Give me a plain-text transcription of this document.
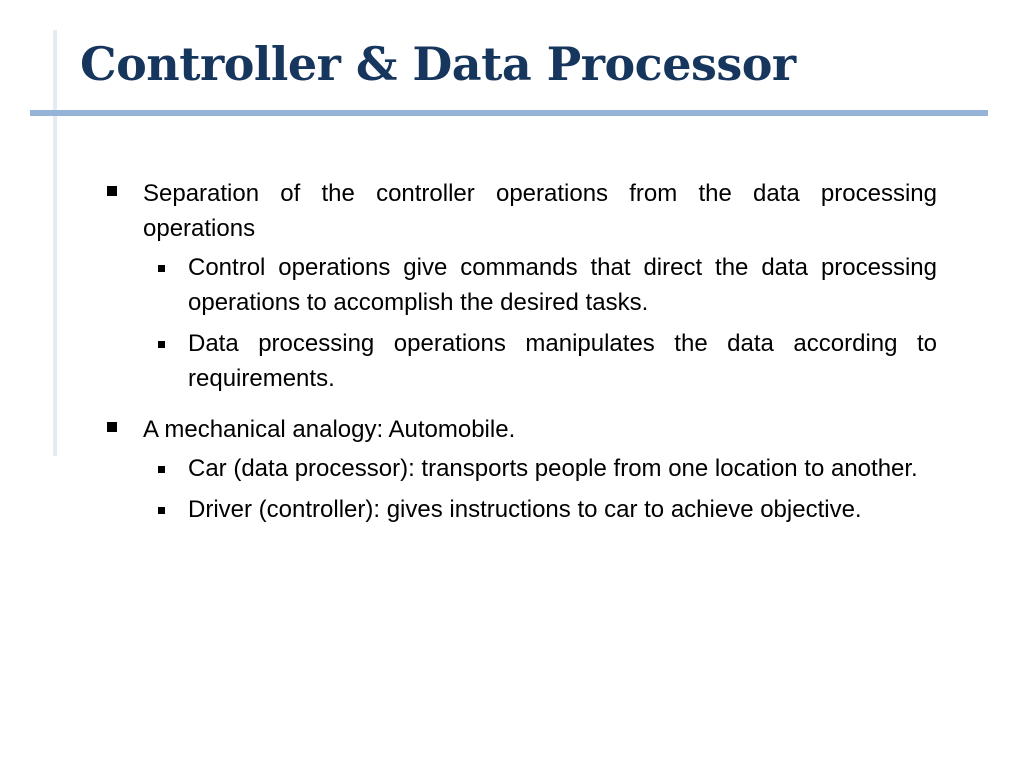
Controller & Data Processor
Separation of the controller operations from the data processing operations
Control operations give commands that direct the data processing operations to accomplish the desired tasks.
Data processing operations manipulates the data according to requirements.
A mechanical analogy: Automobile.
Car (data processor): transports people from one location to another.
Driver (controller): gives instructions to car to achieve objective.
